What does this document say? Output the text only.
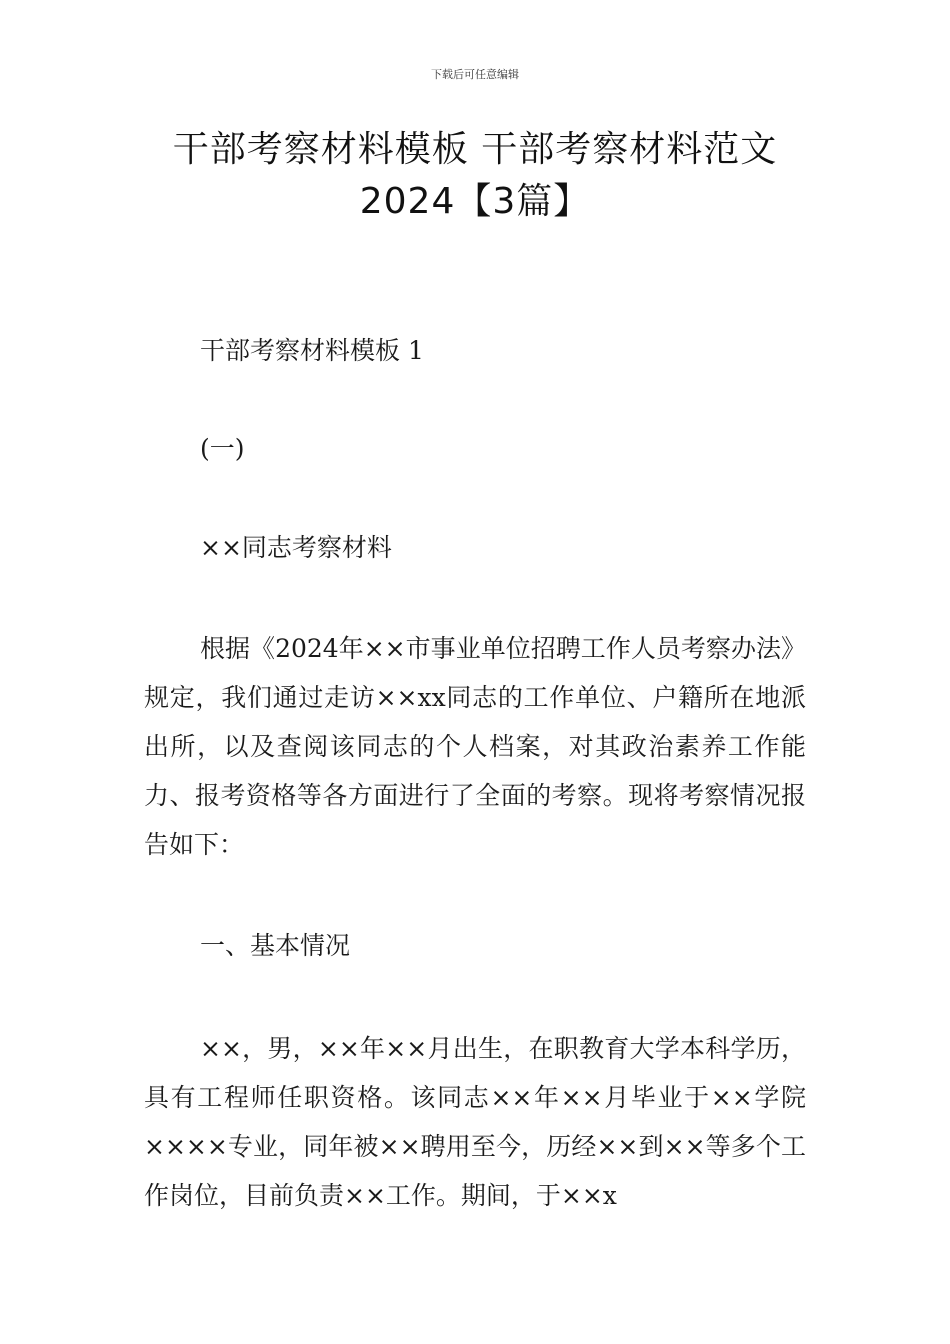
下载后可任意编辑
干部考察材料模板 干部考察材料范文
2024【3篇】

干部考察材料模板 1

(一)

××同志考察材料

根据《2024年××市事业单位招聘工作人员考察办法》规定，我们通过走访××xx同志的工作单位、户籍所在地派出所，以及查阅该同志的个人档案，对其政治素养工作能力、报考资格等各方面进行了全面的考察。现将考察情况报告如下：

一、基本情况

××，男，××年××月出生，在职教育大学本科学历，具有工程师任职资格。该同志××年××月毕业于××学院××××专业，同年被××聘用至今，历经××到××等多个工作岗位，目前负责××工作。期间，于××x
